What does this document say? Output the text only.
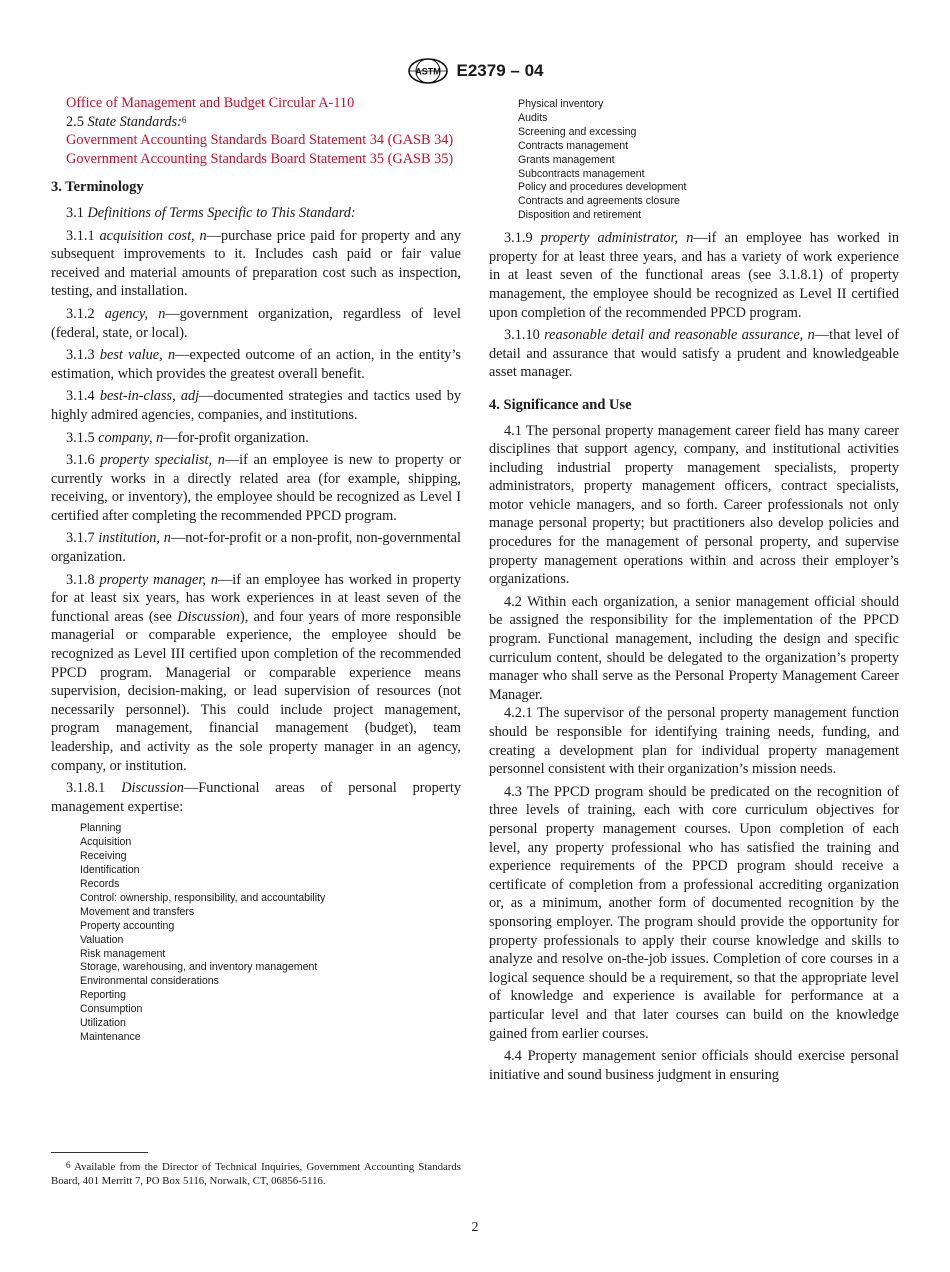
ASTM E2379 – 04
Office of Management and Budget Circular A-110
2.5 State Standards:$^6$
Government Accounting Standards Board Statement 34 (GASB 34)
Government Accounting Standards Board Statement 35 (GASB 35)
3. Terminology
3.1 Definitions of Terms Specific to This Standard:
3.1.1 acquisition cost, n—purchase price paid for property and any subsequent improvements to it. Includes cash paid or fair value received and material amounts of preparation cost such as inspection, testing, and installation.
3.1.2 agency, n—government organization, regardless of level (federal, state, or local).
3.1.3 best value, n—expected outcome of an action, in the entity’s estimation, which provides the greatest overall benefit.
3.1.4 best-in-class, adj—documented strategies and tactics used by highly admired agencies, companies, and institutions.
3.1.5 company, n—for-profit organization.
3.1.6 property specialist, n—if an employee is new to property or currently works in a directly related area (for example, shipping, receiving, or inventory), the employee should be recognized as Level I certified after completing the recommended PPCD program.
3.1.7 institution, n—not-for-profit or a non-profit, non-governmental organization.
3.1.8 property manager, n—if an employee has worked in property for at least six years, has work experiences in at least seven of the functional areas (see Discussion), and four years of more responsible managerial or comparable experience, the employee should be recognized as Level III certified upon completion of the recommended PPCD program. Managerial or comparable experience means supervision, decision-making, or lead supervision of resources (not necessarily personnel). This could include project management, program management, financial management (budget), team leadership, and activity as the sole property manager in an agency, company, or institution.
3.1.8.1 Discussion—Functional areas of personal property management expertise:
Planning
Acquisition
Receiving
Identification
Records
Control: ownership, responsibility, and accountability
Movement and transfers
Property accounting
Valuation
Risk management
Storage, warehousing, and inventory management
Environmental considerations
Reporting
Consumption
Utilization
Maintenance
$^6$ Available from the Director of Technical Inquiries, Government Accounting Standards Board, 401 Merritt 7, PO Box 5116, Norwalk, CT, 06856-5116.
Physical inventory
Audits
Screening and excessing
Contracts management
Grants management
Subcontracts management
Policy and procedures development
Contracts and agreements closure
Disposition and retirement
3.1.9 property administrator, n—if an employee has worked in property for at least three years, and has a variety of work experience in at least seven of the functional areas (see 3.1.8.1) of property management, the employee should be recognized as Level II certified upon completion of the recommended PPCD program.
3.1.10 reasonable detail and reasonable assurance, n—that level of detail and assurance that would satisfy a prudent and knowledgeable asset manager.
4. Significance and Use
4.1 The personal property management career field has many career disciplines that support agency, company, and institutional activities including industrial property management specialists, property administrators, property management officers, contract specialists, motor vehicle managers, and so forth. Career professionals not only manage personal property; but practitioners also develop policies and procedures for the management of personal property, and supervise property management operations within and across their employer’s organizations.
4.2 Within each organization, a senior management official should be assigned the responsibility for the implementation of the PPCD program. Functional management, including the design and specific curriculum content, should be delegated to the organization’s property manager who shall serve as the Personal Property Management Career Manager.
4.2.1 The supervisor of the personal property management function should be responsible for identifying training needs, funding, and creating a development plan for individual property management personnel consistent with their organization’s mission needs.
4.3 The PPCD program should be predicated on the recognition of three levels of training, each with core curriculum objectives for personal property management courses. Upon completion of each level, any property professional who has satisfied the training and experience requirements of the PPCD program should receive a certificate of completion from a professional accrediting organization or, as a minimum, another form of documented recognition by the sponsoring employer. The program should provide the opportunity for property professionals to apply their course knowledge and skills to analyze and resolve on-the-job issues. Completion of core courses in a logical sequence should be a requirement, so that the appropriate level of knowledge and experience is available for performance at a particular level and that later courses can build on the knowledge gained from earlier courses.
4.4 Property management senior officials should exercise personal initiative and sound business judgment in ensuring
2
